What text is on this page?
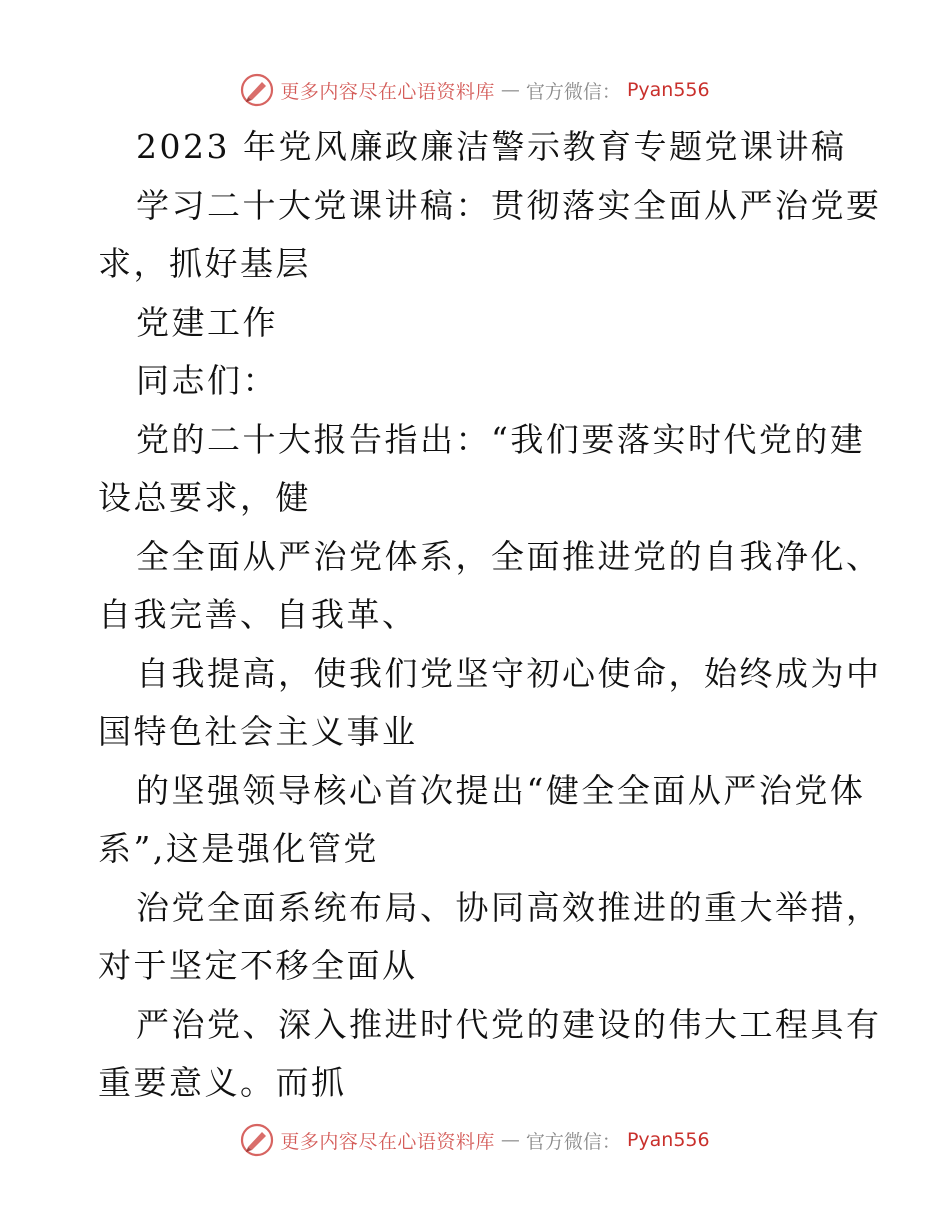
更多内容尽在心语资料库 — 官方微信： Pyan556
2023 年党风廉政廉洁警示教育专题党课讲稿
学习二十大党课讲稿：贯彻落实全面从严治党要
求，抓好基层
党建工作
同志们：
党的二十大报告指出：“我们要落实时代党的建
设总要求，健
全全面从严治党体系，全面推进党的自我净化、
自我完善、自我革、
自我提高，使我们党坚守初心使命，始终成为中
国特色社会主义事业
的坚强领导核心首次提出“健全全面从严治党体
系”,这是强化管党
治党全面系统布局、协同高效推进的重大举措，
对于坚定不移全面从
严治党、深入推进时代党的建设的伟大工程具有
重要意义。而抓
更多内容尽在心语资料库 — 官方微信： Pyan556
